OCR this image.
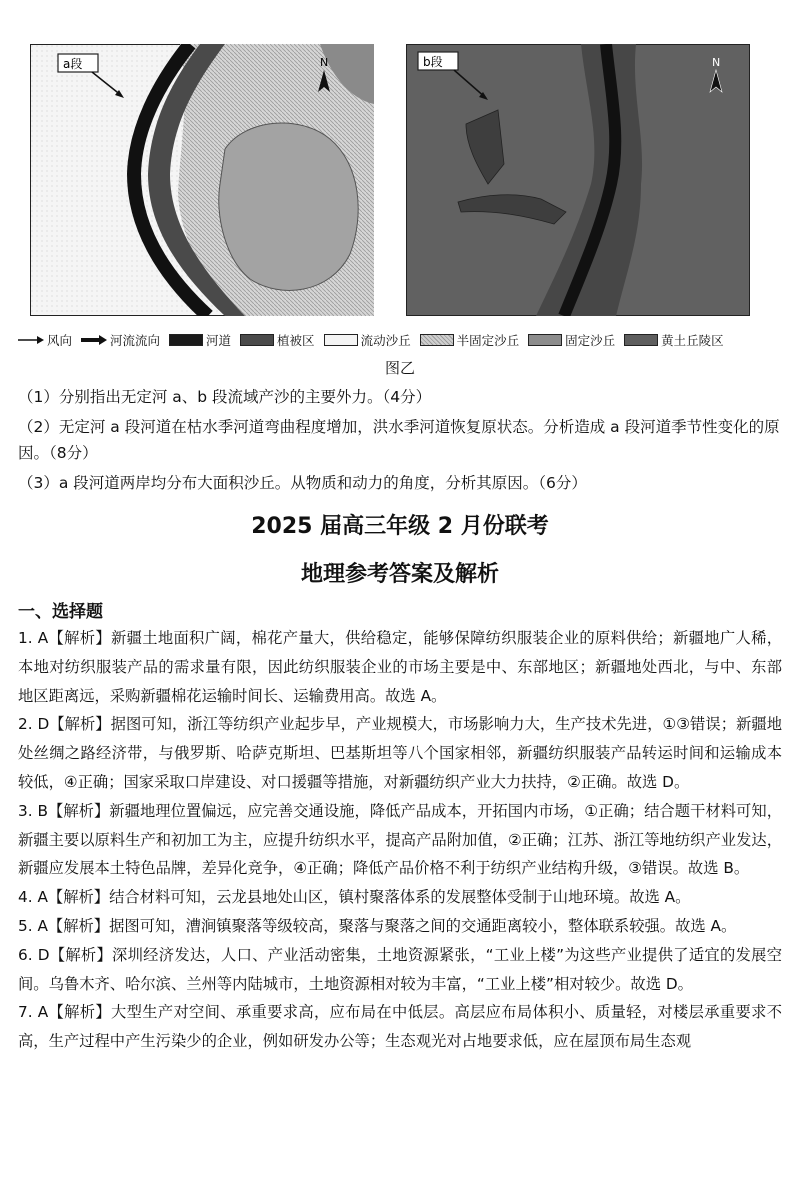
a段	N	b段	N
风向	河流流向	河道	植被区	流动沙丘	半固定沙丘	固定沙丘	黄土丘陵区
图乙
（1）分别指出无定河 a、b 段流域产沙的主要外力。（4分）
（2）无定河 a 段河道在枯水季河道弯曲程度增加，洪水季河道恢复原状态。分析造成 a 段河道季节性变化的原因。（8分）
（3）a 段河道两岸均分布大面积沙丘。从物质和动力的角度，分析其原因。（6分）
2025 届高三年级 2 月份联考
地理参考答案及解析
一、选择题

1. A【解析】新疆土地面积广阔，棉花产量大，供给稳定，能够保障纺织服装企业的原料供给；新疆地广人稀，本地对纺织服装产品的需求量有限，因此纺织服装企业的市场主要是中、东部地区；新疆地处西北，与中、东部地区距离远，采购新疆棉花运输时间长、运输费用高。故选 A。

2. D【解析】据图可知，浙江等纺织产业起步早，产业规模大，市场影响力大，生产技术先进，①③错误；新疆地处丝绸之路经济带，与俄罗斯、哈萨克斯坦、巴基斯坦等八个国家相邻，新疆纺织服装产品转运时间和运输成本较低，④正确；国家采取口岸建设、对口援疆等措施，对新疆纺织产业大力扶持，②正确。故选 D。

3. B【解析】新疆地理位置偏远，应完善交通设施，降低产品成本，开拓国内市场，①正确；结合题干材料可知，新疆主要以原料生产和初加工为主，应提升纺织水平，提高产品附加值，②正确；江苏、浙江等地纺织产业发达，新疆应发展本土特色品牌，差异化竞争，④正确；降低产品价格不利于纺织产业结构升级，③错误。故选 B。

4. A【解析】结合材料可知，云龙县地处山区，镇村聚落体系的发展整体受制于山地环境。故选 A。

5. A【解析】据图可知，漕涧镇聚落等级较高，聚落与聚落之间的交通距离较小，整体联系较强。故选 A。

6. D【解析】深圳经济发达，人口、产业活动密集，土地资源紧张，“工业上楼”为这些产业提供了适宜的发展空间。乌鲁木齐、哈尔滨、兰州等内陆城市，土地资源相对较为丰富，“工业上楼”相对较少。故选 D。

7. A【解析】大型生产对空间、承重要求高，应布局在中低层。高层应布局体积小、质量轻，对楼层承重要求不高，生产过程中产生污染少的企业，例如研发办公等；生态观光对占地要求低，应在屋顶布局生态观
